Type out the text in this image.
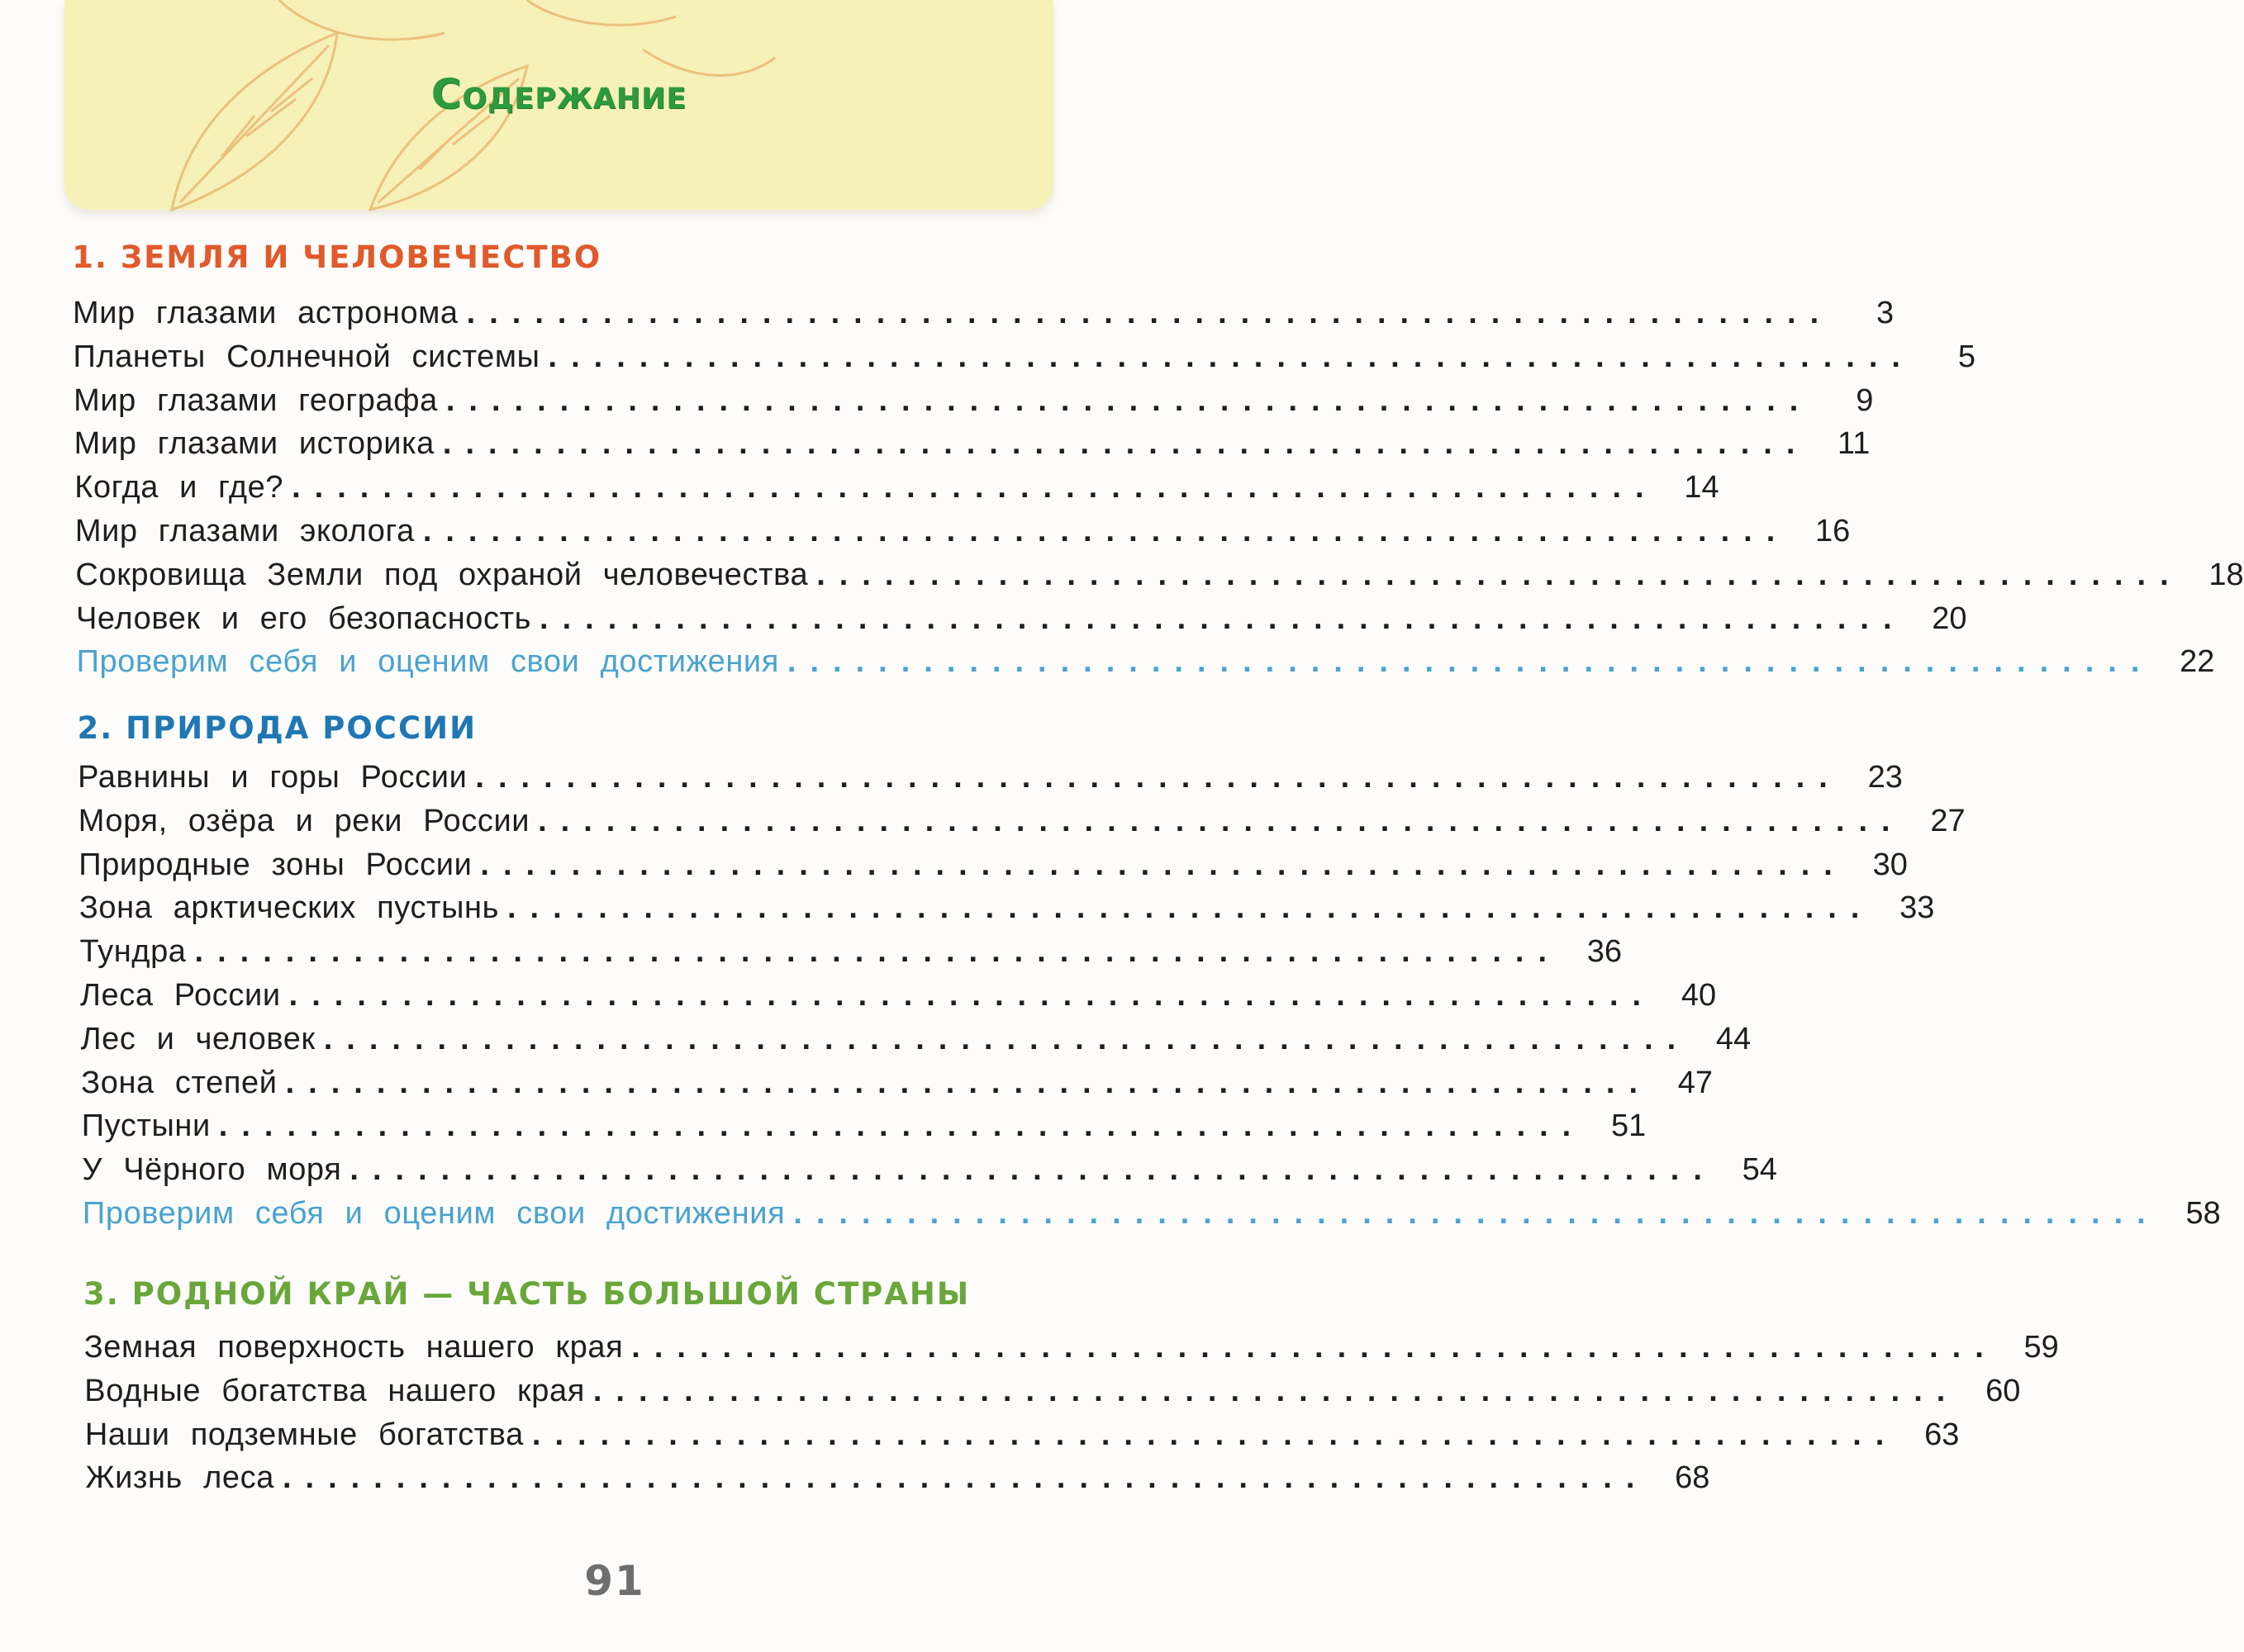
Содержание
1. ЗЕМЛЯ И ЧЕЛОВЕЧЕСТВО
Мир глазами астронома ............................................................	3
Планеты Солнечной системы ............................................................	5
Мир глазами географа ............................................................	9
Мир глазами историка ............................................................ 11
Когда и где? ............................................................ 14
Мир глазами эколога ............................................................ 16
Сокровища Земли под охраной человечества ............................................................ 18
Человек и его безопасность ............................................................ 20
Проверим себя и оценим свои достижения ............................................................ 22
2. ПРИРОДА РОССИИ
Равнины и горы России ............................................................ 23
Моря, озёра и реки России ............................................................ 27
Природные зоны России ............................................................ 30
Зона арктических пустынь ............................................................ 33
Тундра ............................................................ 36
Леса России ............................................................ 40
Лес и человек ............................................................ 44
Зона степей ............................................................ 47
Пустыни ............................................................ 51
У Чёрного моря ............................................................ 54
Проверим себя и оценим свои достижения ............................................................ 58
3. РОДНОЙ КРАЙ — ЧАСТЬ БОЛЬШОЙ СТРАНЫ
Земная поверхность нашего края ............................................................ 59
Водные богатства нашего края ............................................................ 60
Наши подземные богатства ............................................................ 63
Жизнь леса ............................................................ 68
91
